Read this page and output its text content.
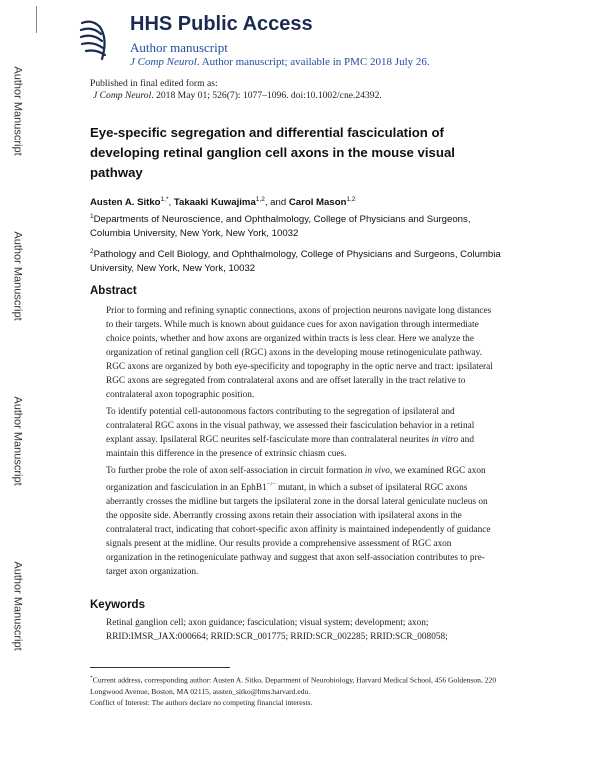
Author Manuscript
Author Manuscript
Author Manuscript
Author Manuscript
HHS Public Access
Author manuscript
J Comp Neurol. Author manuscript; available in PMC 2018 July 26.
Published in final edited form as:
J Comp Neurol. 2018 May 01; 526(7): 1077–1096. doi:10.1002/cne.24392.
Eye-specific segregation and differential fasciculation of developing retinal ganglion cell axons in the mouse visual pathway
Austen A. Sitko$^{1,*}$, Takaaki Kuwajima$^{1,2}$, and Carol Mason$^{1,2}$
$^1$Departments of Neuroscience, and Ophthalmology, College of Physicians and Surgeons, Columbia University, New York, New York, 10032
$^2$Pathology and Cell Biology, and Ophthalmology, College of Physicians and Surgeons, Columbia University, New York, New York, 10032
Abstract
Prior to forming and refining synaptic connections, axons of projection neurons navigate long distances to their targets. While much is known about guidance cues for axon navigation through intermediate choice points, whether and how axons are organized within tracts is less clear. Here we analyze the organization of retinal ganglion cell (RGC) axons in the developing mouse retinogeniculate pathway. RGC axons are organized by both eye-specificity and topography in the optic nerve and tract: ipsilateral RGC axons are segregated from contralateral axons and are offset laterally in the tract relative to contralateral axon topographic position.
To identify potential cell-autonomous factors contributing to the segregation of ipsilateral and contralateral RGC axons in the visual pathway, we assessed their fasciculation behavior in a retinal explant assay. Ipsilateral RGC neurites self-fasciculate more than contralateral neurites in vitro and maintain this difference in the presence of extrinsic chiasm cues.
To further probe the role of axon self-association in circuit formation in vivo, we examined RGC axon organization and fasciculation in an EphB1−/− mutant, in which a subset of ipsilateral RGC axons aberrantly crosses the midline but targets the ipsilateral zone in the dorsal lateral geniculate nucleus on the opposite side. Aberrantly crossing axons retain their association with ipsilateral axons in the contralateral tract, indicating that cohort-specific axon affinity is maintained independently of guidance signals present at the midline. Our results provide a comprehensive assessment of RGC axon organization in the retinogeniculate pathway and suggest that axon self-association contributes to pre-target axon organization.
Keywords
Retinal ganglion cell; axon guidance; fasciculation; visual system; development; axon; RRID:IMSR_JAX:000664; RRID:SCR_001775; RRID:SCR_002285; RRID:SCR_008058;
*Current address, corresponding author: Austen A. Sitko, Department of Neurobiology, Harvard Medical School, 456 Goldenson, 220 Longwood Avenue, Boston, MA 02115, austen_sitko@hms.harvard.edu.
Conflict of Interest: The authors declare no competing financial interests.
